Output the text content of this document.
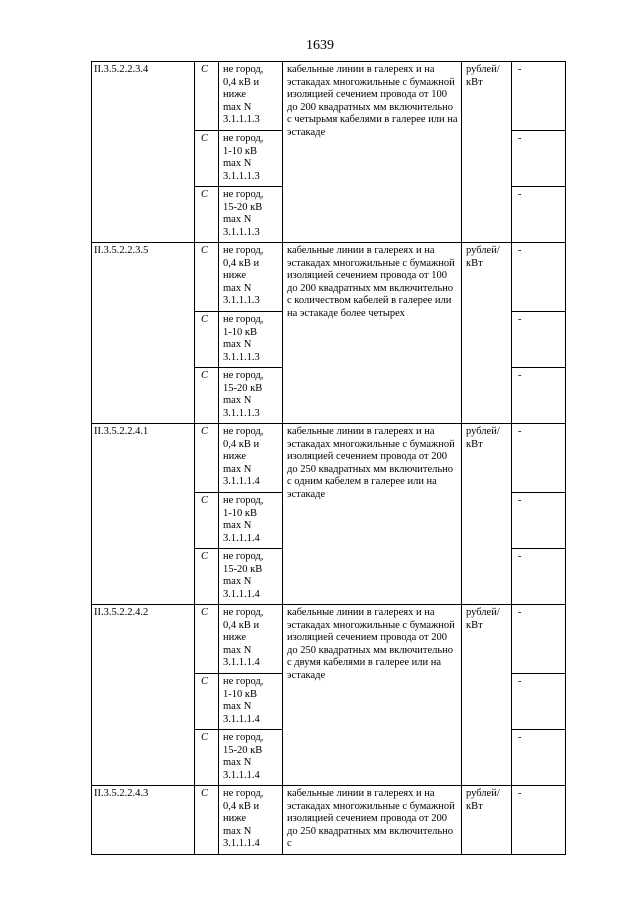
1639
II.3.5.2.2.3.4	С	не город,
0,4 кВ и
ниже
max N
3.1.1.1.3	кабельные линии в галереях и на эстакадах многожильные с бумажной изоляцией сечением провода от 100 до 200 квадратных мм включительно с четырьмя кабелями в галерее или на эстакаде	рублей/ кВт	-
	С	не город,
1-10 кВ
max N
3.1.1.1.3			-
	С	не город,
15-20 кВ
max N
3.1.1.1.3			-
II.3.5.2.2.3.5	С	не город,
0,4 кВ и
ниже
max N
3.1.1.1.3	кабельные линии в галереях и на эстакадах многожильные с бумажной изоляцией сечением провода от 100 до 200 квадратных мм включительно с количеством кабелей в галерее или на эстакаде более четырех	рублей/ кВт	-
	С	не город,
1-10 кВ
max N
3.1.1.1.3			-
	С	не город,
15-20 кВ
max N
3.1.1.1.3			-
II.3.5.2.2.4.1	С	не город,
0,4 кВ и
ниже
max N
3.1.1.1.4	кабельные линии в галереях и на эстакадах многожильные с бумажной изоляцией сечением провода от 200 до 250 квадратных мм включительно с одним кабелем в галерее или на эстакаде	рублей/ кВт	-
	С	не город,
1-10 кВ
max N
3.1.1.1.4			-
	С	не город,
15-20 кВ
max N
3.1.1.1.4			-
II.3.5.2.2.4.2	С	не город,
0,4 кВ и
ниже
max N
3.1.1.1.4	кабельные линии в галереях и на эстакадах многожильные с бумажной изоляцией сечением провода от 200 до 250 квадратных мм включительно с двумя кабелями в галерее или на эстакаде	рублей/ кВт	-
	С	не город,
1-10 кВ
max N
3.1.1.1.4			-
	С	не город,
15-20 кВ
max N
3.1.1.1.4			-
II.3.5.2.2.4.3	С	не город,
0,4 кВ и
ниже
max N
3.1.1.1.4	кабельные линии в галереях и на эстакадах многожильные с бумажной изоляцией сечением провода от 200 до 250 квадратных мм включительно с	рублей/ кВт	-
